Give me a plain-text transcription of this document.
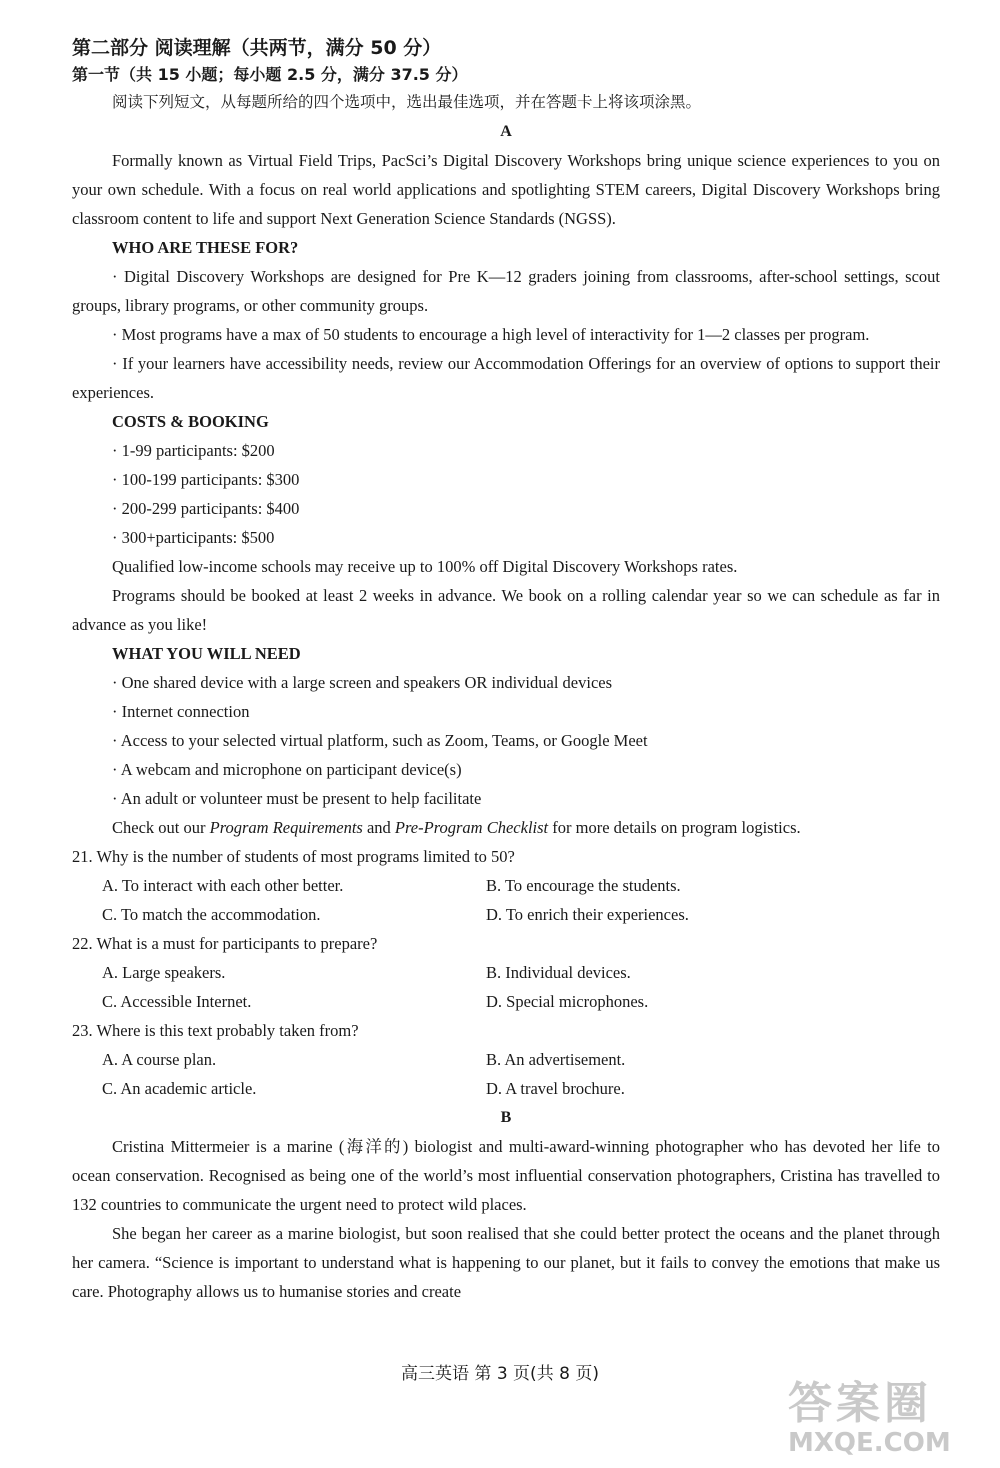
第二部分 阅读理解（共两节，满分 50 分）

第一节（共 15 小题；每小题 2.5 分，满分 37.5 分）

阅读下列短文，从每题所给的四个选项中，选出最佳选项，并在答题卡上将该项涂黑。

A

Formally known as Virtual Field Trips, PacSci’s Digital Discovery Workshops bring unique science experiences to you on your own schedule. With a focus on real world applications and spotlighting STEM careers, Digital Discovery Workshops bring classroom content to life and support Next Generation Science Standards (NGSS).

WHO ARE THESE FOR?

· Digital Discovery Workshops are designed for Pre K—12 graders joining from classrooms, after-school settings, scout groups, library programs, or other community groups.

· Most programs have a max of 50 students to encourage a high level of interactivity for 1—2 classes per program.

· If your learners have accessibility needs, review our Accommodation Offerings for an overview of options to support their experiences.

COSTS & BOOKING

· 1-99 participants: $200

· 100-199 participants: $300

· 200-299 participants: $400

· 300+participants: $500

Qualified low-income schools may receive up to 100% off Digital Discovery Workshops rates.

Programs should be booked at least 2 weeks in advance. We book on a rolling calendar year so we can schedule as far in advance as you like!

WHAT YOU WILL NEED

· One shared device with a large screen and speakers OR individual devices

· Internet connection

· Access to your selected virtual platform, such as Zoom, Teams, or Google Meet

· A webcam and microphone on participant device(s)

· An adult or volunteer must be present to help facilitate

Check out our Program Requirements and Pre-Program Checklist for more details on program logistics.

21. Why is the number of students of most programs limited to 50?

A. To interact with each other better.	B. To encourage the students.
C. To match the accommodation.	D. To enrich their experiences.

22. What is a must for participants to prepare?

A. Large speakers.	B. Individual devices.
C. Accessible Internet.	D. Special microphones.

23. Where is this text probably taken from?

A. A course plan.	B. An advertisement.
C. An academic article.	D. A travel brochure.

B

Cristina Mittermeier is a marine (海洋的) biologist and multi-award-winning photographer who has devoted her life to ocean conservation. Recognised as being one of the world’s most influential conservation photographers, Cristina has travelled to 132 countries to communicate the urgent need to protect wild places.

She began her career as a marine biologist, but soon realised that she could better protect the oceans and the planet through her camera. “Science is important to understand what is happening to our planet, but it fails to convey the emotions that make us care. Photography allows us to humanise stories and create

高三英语 第 3 页(共 8 页)
答案圈
MXQE.COM
